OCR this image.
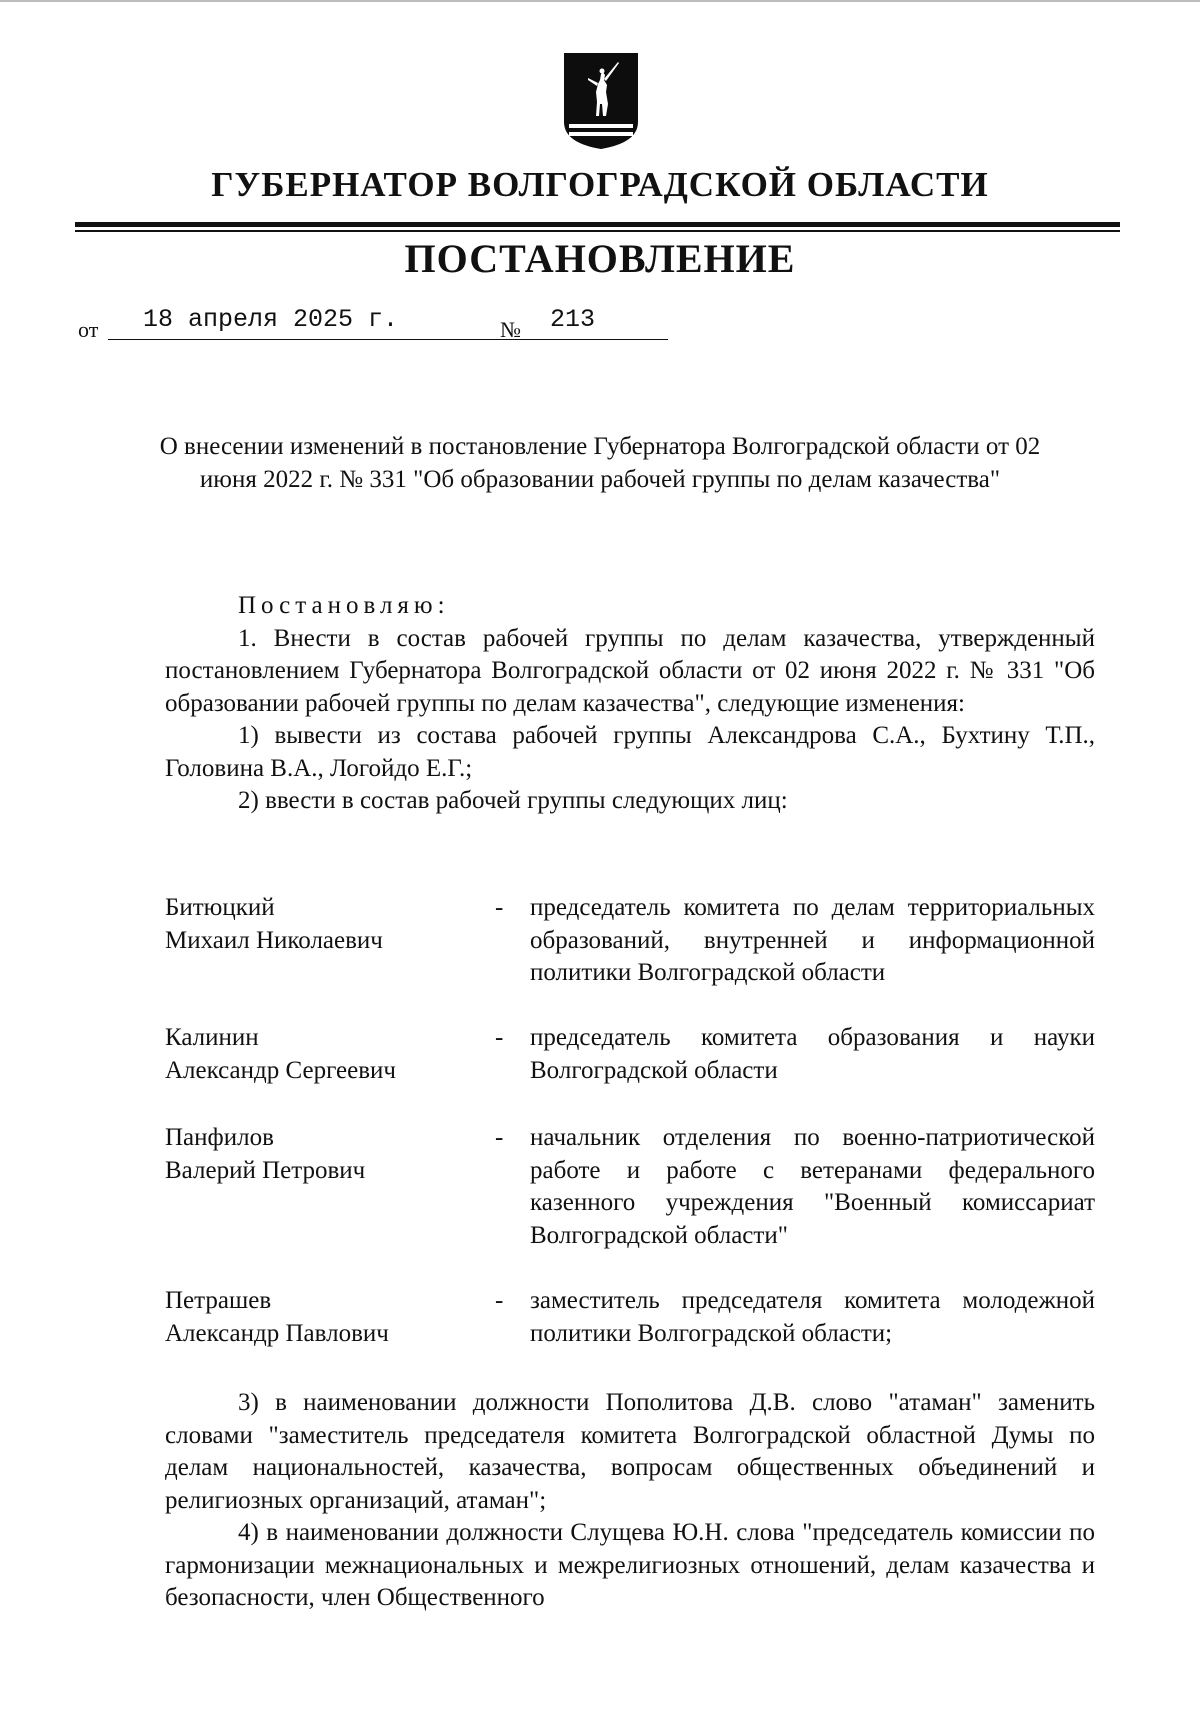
ГУБЕРНАТОР ВОЛГОГРАДСКОЙ ОБЛАСТИ
ПОСТАНОВЛЕНИЕ
от 18 апреля 2025 г.	№ 213
О внесении изменений в постановление Губернатора Волгоградской области от 02 июня 2022 г. № 331 "Об образовании рабочей группы по делам казачества"

Постановляю:

1. Внести в состав рабочей группы по делам казачества, утвержденный постановлением Губернатора Волгоградской области от 02 июня 2022 г. № 331 "Об образовании рабочей группы по делам казачества", следующие изменения:

1) вывести из состава рабочей группы Александрова С.А., Бухтину Т.П., Головина В.А., Логойдо Е.Г.;

2) ввести в состав рабочей группы следующих лиц:

Битюцкий
Михаил Николаевич
- председатель комитета по делам территориальных образований, внутренней и информационной политики Волгоградской области
Калинин
Александр Сергеевич
- председатель комитета образования и науки Волгоградской области
Панфилов
Валерий Петрович
- начальник отделения по военно-патриотической работе и работе с ветеранами федерального казенного учреждения "Военный комиссариат Волгоградской области"
Петрашев
Александр Павлович
- заместитель председателя комитета молодежной политики Волгоградской области;

3) в наименовании должности Пополитова Д.В. слово "атаман" заменить словами "заместитель председателя комитета Волгоградской областной Думы по делам национальностей, казачества, вопросам общественных объединений и религиозных организаций, атаман";

4) в наименовании должности Слущева Ю.Н. слова "председатель комиссии по гармонизации межнациональных и межрелигиозных отношений, делам казачества и безопасности, член Общественного
